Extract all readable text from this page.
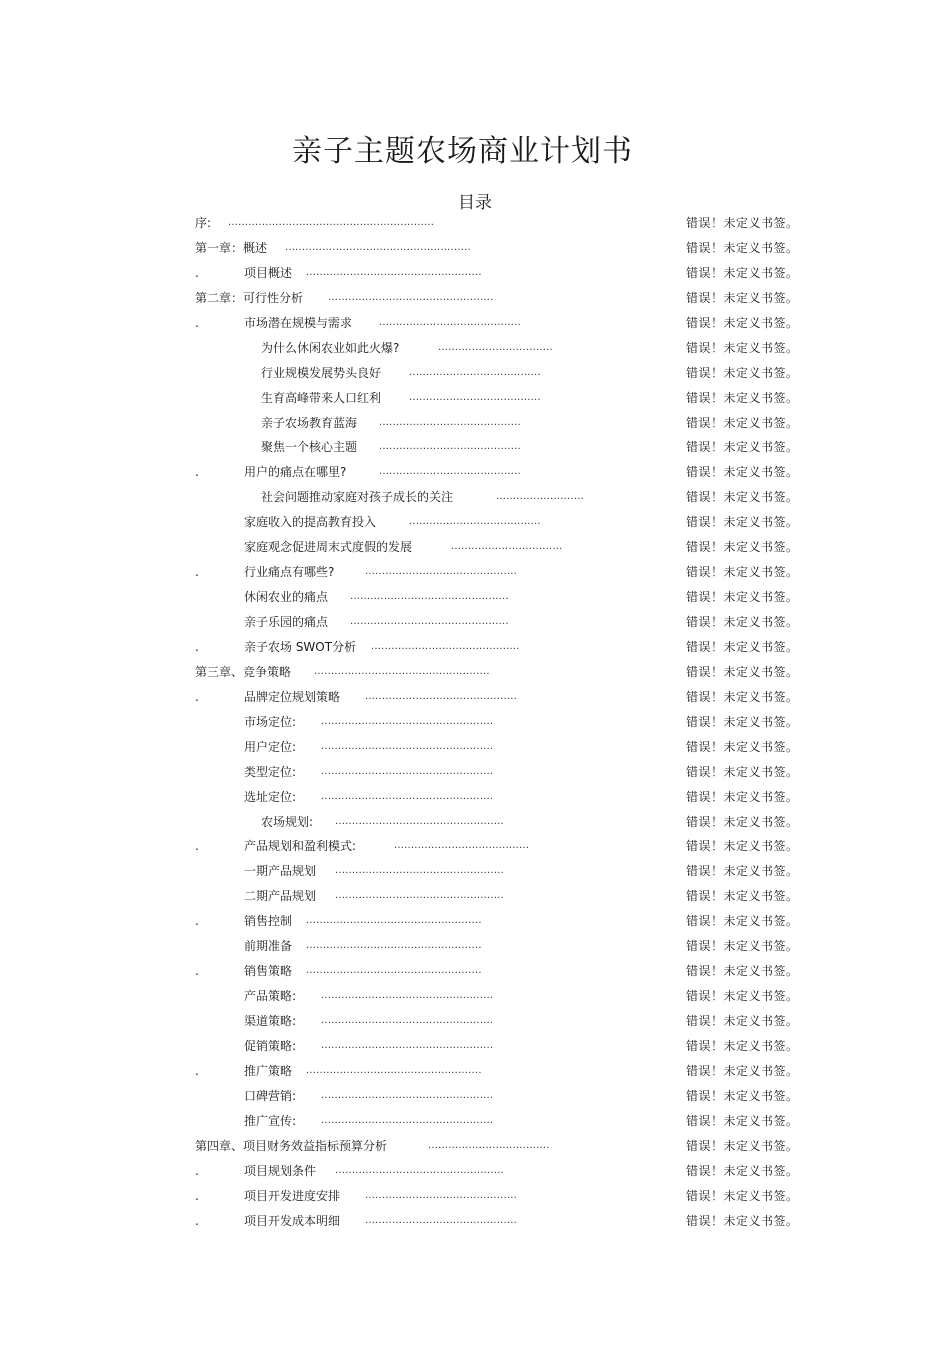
亲子主题农场商业计划书
目录
序: .............................................................	错误！未定义书签。
第一章：概述 .......................................................	错误！未定义书签。
.	项目概述 ....................................................	错误！未定义书签。
第二章：可行性分析 .................................................	错误！未定义书签。
.	市场潜在规模与需求	..........................................	错误！未定义书签。
为什么休闲农业如此火爆?	..................................	错误！未定义书签。
行业规模发展势头良好	.......................................	错误！未定义书签。
生育高峰带来人口红利	.......................................	错误！未定义书签。
亲子农场教育蓝海 ..........................................	错误！未定义书签。
聚焦一个核心主题 ..........................................	错误！未定义书签。
.	用户的痛点在哪里?	..........................................	错误！未定义书签。
社会问题推动家庭对孩子成长的关注	..........................	错误！未定义书签。
家庭收入的提高教育投入	.......................................	错误！未定义书签。
家庭观念促进周末式度假的发展	.................................	错误！未定义书签。
.	行业痛点有哪些?	.............................................	错误！未定义书签。
休闲农业的痛点 ...............................................	错误！未定义书签。
亲子乐园的痛点 ...............................................	错误！未定义书签。
.	亲子农场 SWOT分析 ............................................	错误！未定义书签。
第三章、竞争策略 ....................................................	错误！未定义书签。
.	品牌定位规划策略 .............................................	错误！未定义书签。
市场定位: ...................................................	错误！未定义书签。
用户定位: ...................................................	错误！未定义书签。
类型定位: ...................................................	错误！未定义书签。
选址定位: ...................................................	错误！未定义书签。
农场规划: ..................................................	错误！未定义书签。
.	产品规划和盈利模式:	........................................	错误！未定义书签。
一期产品规划 ..................................................	错误！未定义书签。
二期产品规划 ..................................................	错误！未定义书签。
.	销售控制 ....................................................	错误！未定义书签。
前期准备 ....................................................	错误！未定义书签。
.	销售策略 ....................................................	错误！未定义书签。
产品策略: ...................................................	错误！未定义书签。
渠道策略: ...................................................	错误！未定义书签。
促销策略: ...................................................	错误！未定义书签。
.	推广策略 ....................................................	错误！未定义书签。
口碑营销: ...................................................	错误！未定义书签。
推广宣传: ...................................................	错误！未定义书签。
第四章、项目财务效益指标预算分析	....................................	错误！未定义书签。
.	项目规划条件 ..................................................	错误！未定义书签。
.	项目开发进度安排 .............................................	错误！未定义书签。
.	项目开发成本明细 .............................................	错误！未定义书签。
